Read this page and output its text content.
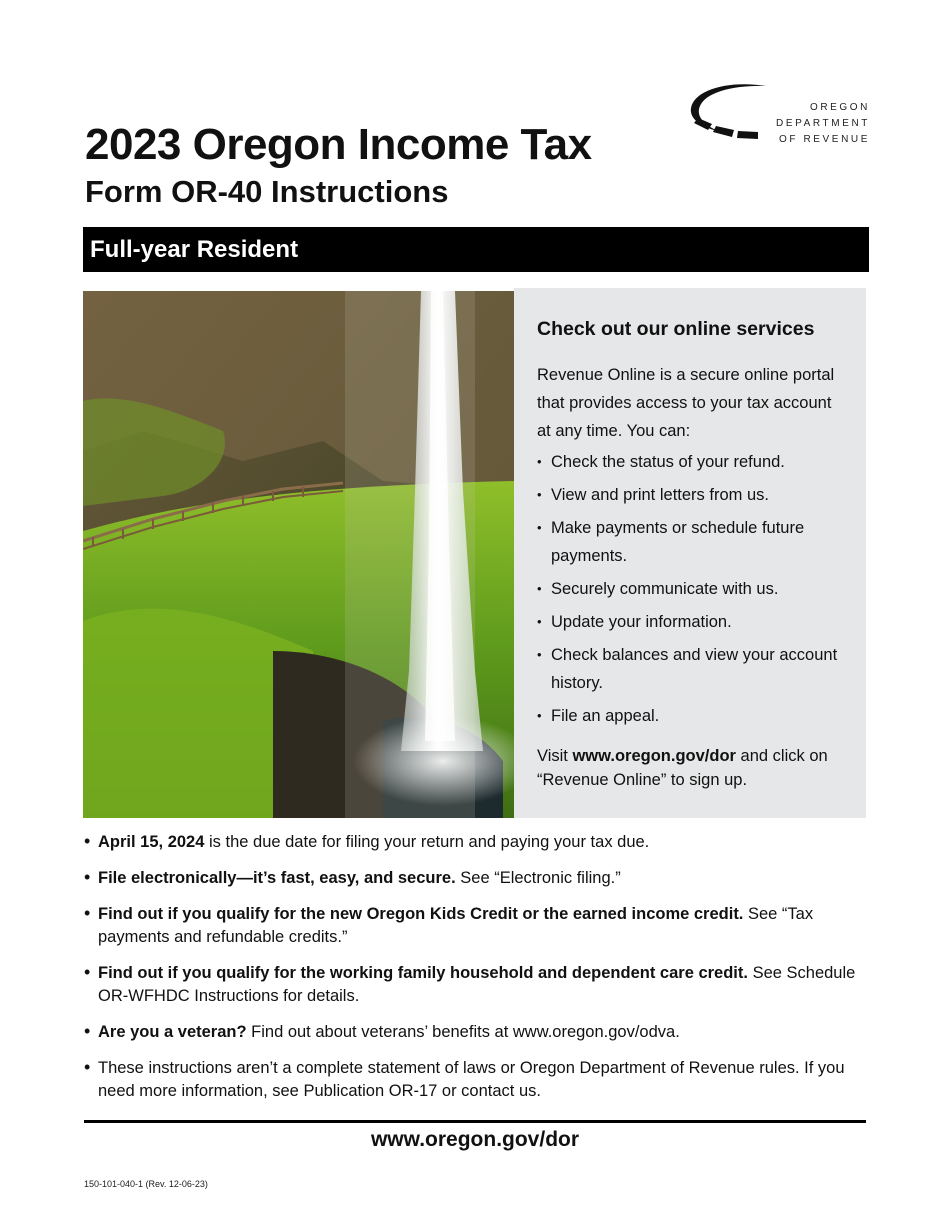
OREGON
DEPARTMENT
OF REVENUE
2023 Oregon Income Tax
Form OR-40 Instructions
Full-year Resident
Check out our online services

Revenue Online is a secure online portal that provides access to your tax account at any time. You can:

• Check the status of your refund.
• View and print letters from us.
• Make payments or schedule future payments.
• Securely communicate with us.
• Update your information.
• Check balances and view your account history.
• File an appeal.

Visit www.oregon.gov/dor and click on “Revenue Online” to sign up.

• April 15, 2024 is the due date for filing your return and paying your tax due.
• File electronically—it’s fast, easy, and secure. See “Electronic filing.”
• Find out if you qualify for the new Oregon Kids Credit or the earned income credit. See “Tax payments and refundable credits.”
• Find out if you qualify for the working family household and dependent care credit. See Schedule OR-WFHDC Instructions for details.
• Are you a veteran? Find out about veterans’ benefits at www.oregon.gov/odva.
• These instructions aren’t a complete statement of laws or Oregon Department of Revenue rules. If you need more information, see Publication OR-17 or contact us.
www.oregon.gov/dor
150-101-040-1 (Rev. 12-06-23)
